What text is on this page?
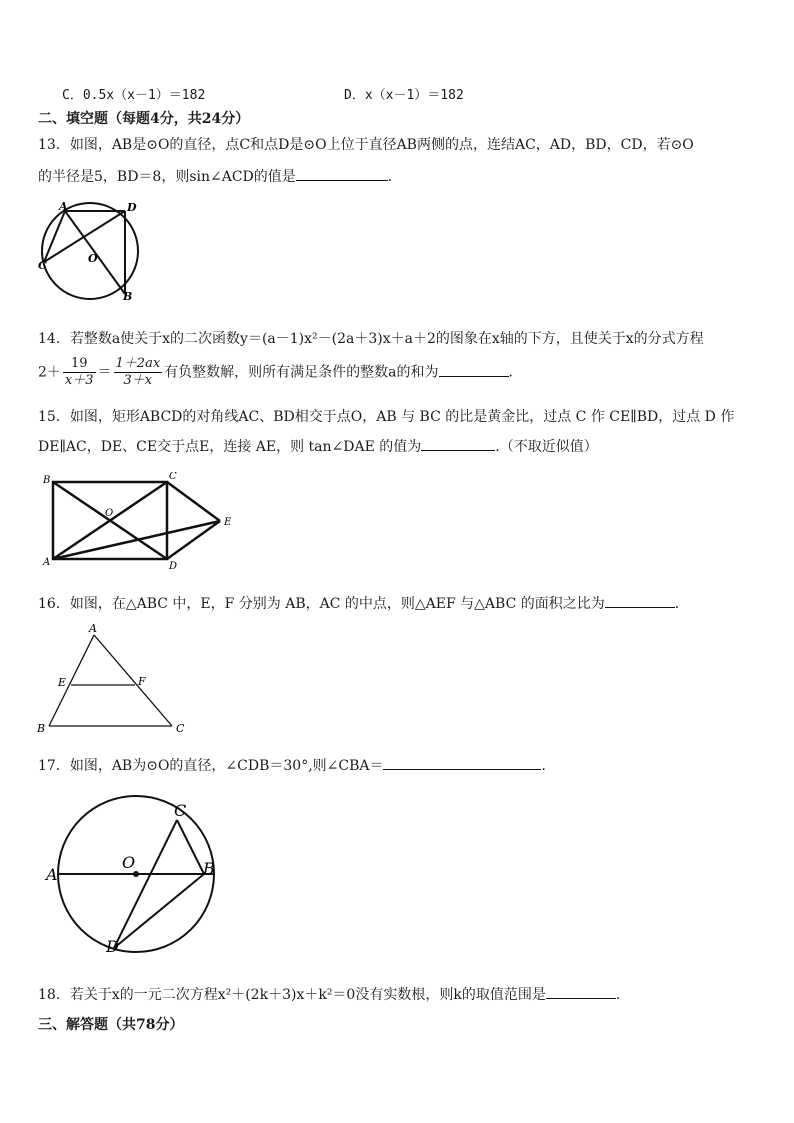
C．0.5x（x－1）＝182	D．x（x－1）＝182
二、填空题（每题4分，共24分）
13．如图，AB是⊙O的直径，点C和点D是⊙O上位于直径AB两侧的点，连结AC，AD，BD，CD，若⊙O
的半径是5，BD＝8，则sin∠ACD的值是	．
A	D
C
O
B
14．若整数a使关于x的二次函数y＝(a－1)x²－(2a＋3)x＋a＋2的图象在x轴的下方，且使关于x的分式方程
$2+ \frac{19}{x+3} = \frac{1+2ax}{3+x}$ 有负整数解，则所有满足条件的整数a的和为	．
15．如图，矩形ABCD的对角线AC、BD相交于点O，AB 与 BC 的比是黄金比，过点 C 作 CE∥BD，过点 D 作
DE∥AC，DE、CE交于点E，连接 AE，则 tan∠DAE 的值为	.（不取近似值）
B	C
O
E
A	D
16．如图，在△ABC 中，E，F 分别为 AB，AC 的中点，则△AEF 与△ABC 的面积之比为	．
A
E	F
B	C
17．如图，AB为⊙O的直径，∠CDB＝30°,则∠CBA＝	．
A
O	B
C
D
18．若关于x的一元二次方程x²＋(2k＋3)x＋k²＝0没有实数根，则k的取值范围是	．
三、解答题（共78分）
